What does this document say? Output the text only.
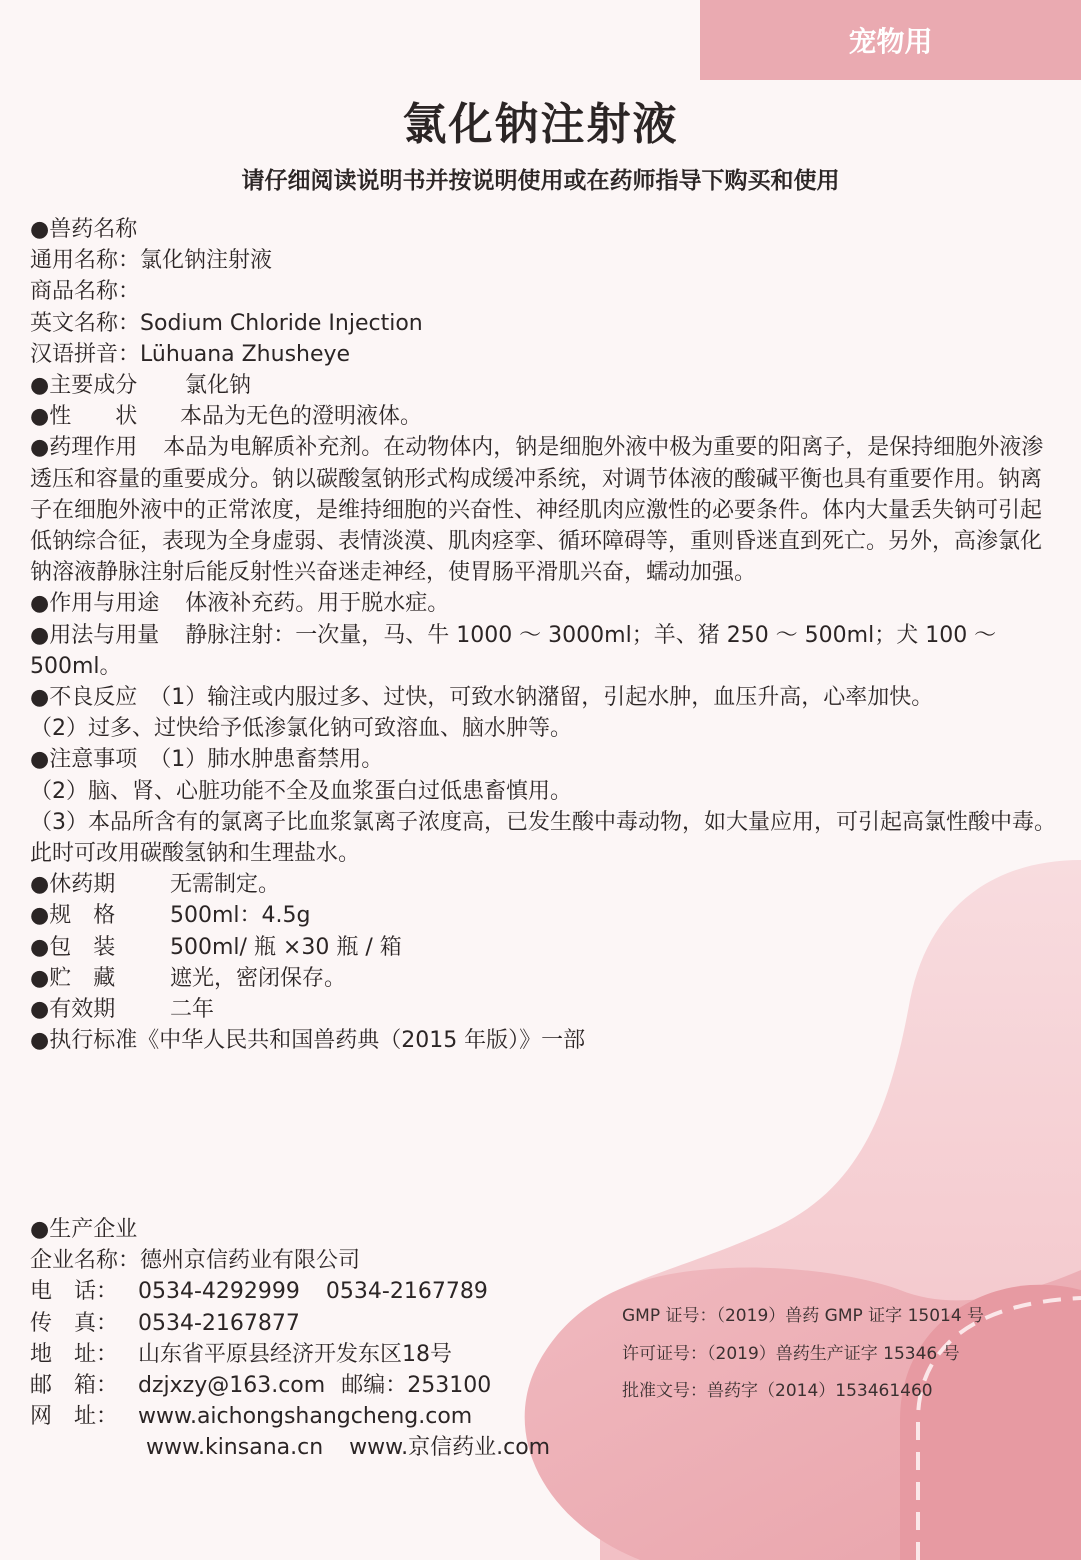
宠物用
氯化钠注射液
请仔细阅读说明书并按说明使用或在药师指导下购买和使用

●兽药名称

通用名称：氯化钠注射液

商品名称：

英文名称：Sodium Chloride Injection

汉语拼音：Lühuana Zhusheye

●主要成分 氯化钠

●性　　状 本品为无色的澄明液体。

●药理作用 本品为电解质补充剂。在动物体内，钠是细胞外液中极为重要的阳离子，是保持细胞外液渗透压和容量的重要成分。钠以碳酸氢钠形式构成缓冲系统，对调节体液的酸碱平衡也具有重要作用。钠离子在细胞外液中的正常浓度，是维持细胞的兴奋性、神经肌肉应激性的必要条件。体内大量丢失钠可引起低钠综合征，表现为全身虚弱、表情淡漠、肌肉痉挛、循环障碍等，重则昏迷直到死亡。另外，高渗氯化钠溶液静脉注射后能反射性兴奋迷走神经，使胃肠平滑肌兴奋，蠕动加强。

●作用与用途 体液补充药。用于脱水症。

●用法与用量 静脉注射：一次量，马、牛 1000 ～ 3000ml；羊、猪 250 ～ 500ml；犬 100 ～ 500ml。

●不良反应 （1）输注或内服过多、过快，可致水钠潴留，引起水肿，血压升高，心率加快。

（2）过多、过快给予低渗氯化钠可致溶血、脑水肿等。

●注意事项 （1）肺水肿患畜禁用。

（2）脑、肾、心脏功能不全及血浆蛋白过低患畜慎用。

（3）本品所含有的氯离子比血浆氯离子浓度高，已发生酸中毒动物，如大量应用，可引起高氯性酸中毒。此时可改用碳酸氢钠和生理盐水。

●休药期 无需制定。

●规　格 500ml：4.5g

●包　装 500ml/ 瓶 ×30 瓶 / 箱

●贮　藏 遮光，密闭保存。

●有效期 二年

●执行标准《中华人民共和国兽药典（2015 年版）》一部

●生产企业

企业名称：德州京信药业有限公司

电　话： 0534-4292999 0534-2167789

传　真： 0534-2167877

地　址： 山东省平原县经济开发东区18号

邮　箱： dzjxzy@163.com 邮编：253100

网　址： www.aichongshangcheng.com

www.kinsana.cn www.京信药业.com

GMP 证号：（2019）兽药 GMP 证字 15014 号

许可证号：（2019）兽药生产证字 15346 号

批准文号：兽药字（2014）153461460
